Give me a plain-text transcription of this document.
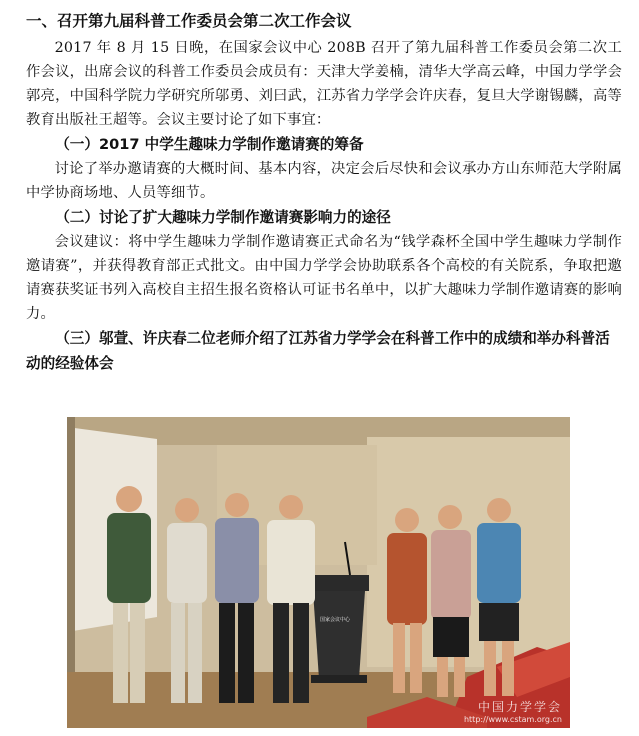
一、召开第九届科普工作委员会第二次工作会议

2017 年 8 月 15 日晚，在国家会议中心 208B 召开了第九届科普工作委员会第二次工作会议，出席会议的科普工作委员会成员有：天津大学姜楠，清华大学高云峰，中国力学学会郭亮，中国科学院力学研究所邬勇、刘曰武，江苏省力学学会许庆春，复旦大学谢锡麟，高等教育出版社王超等。会议主要讨论了如下事宜：

（一）2017 中学生趣味力学制作邀请赛的筹备

讨论了举办邀请赛的大概时间、基本内容，决定会后尽快和会议承办方山东师范大学附属中学协商场地、人员等细节。

（二）讨论了扩大趣味力学制作邀请赛影响力的途径

会议建议：将中学生趣味力学制作邀请赛正式命名为“钱学森杯全国中学生趣味力学制作邀请赛”，并获得教育部正式批文。由中国力学学会协助联系各个高校的有关院系，争取把邀请赛获奖证书列入高校自主招生报名资格认可证书名单中，以扩大趣味力学制作邀请赛的影响力。

（三）邬萱、许庆春二位老师介绍了江苏省力学学会在科普工作中的成绩和举办科普活动的经验体会
国家会议中心
中国力学学会
http://www.cstam.org.cn
